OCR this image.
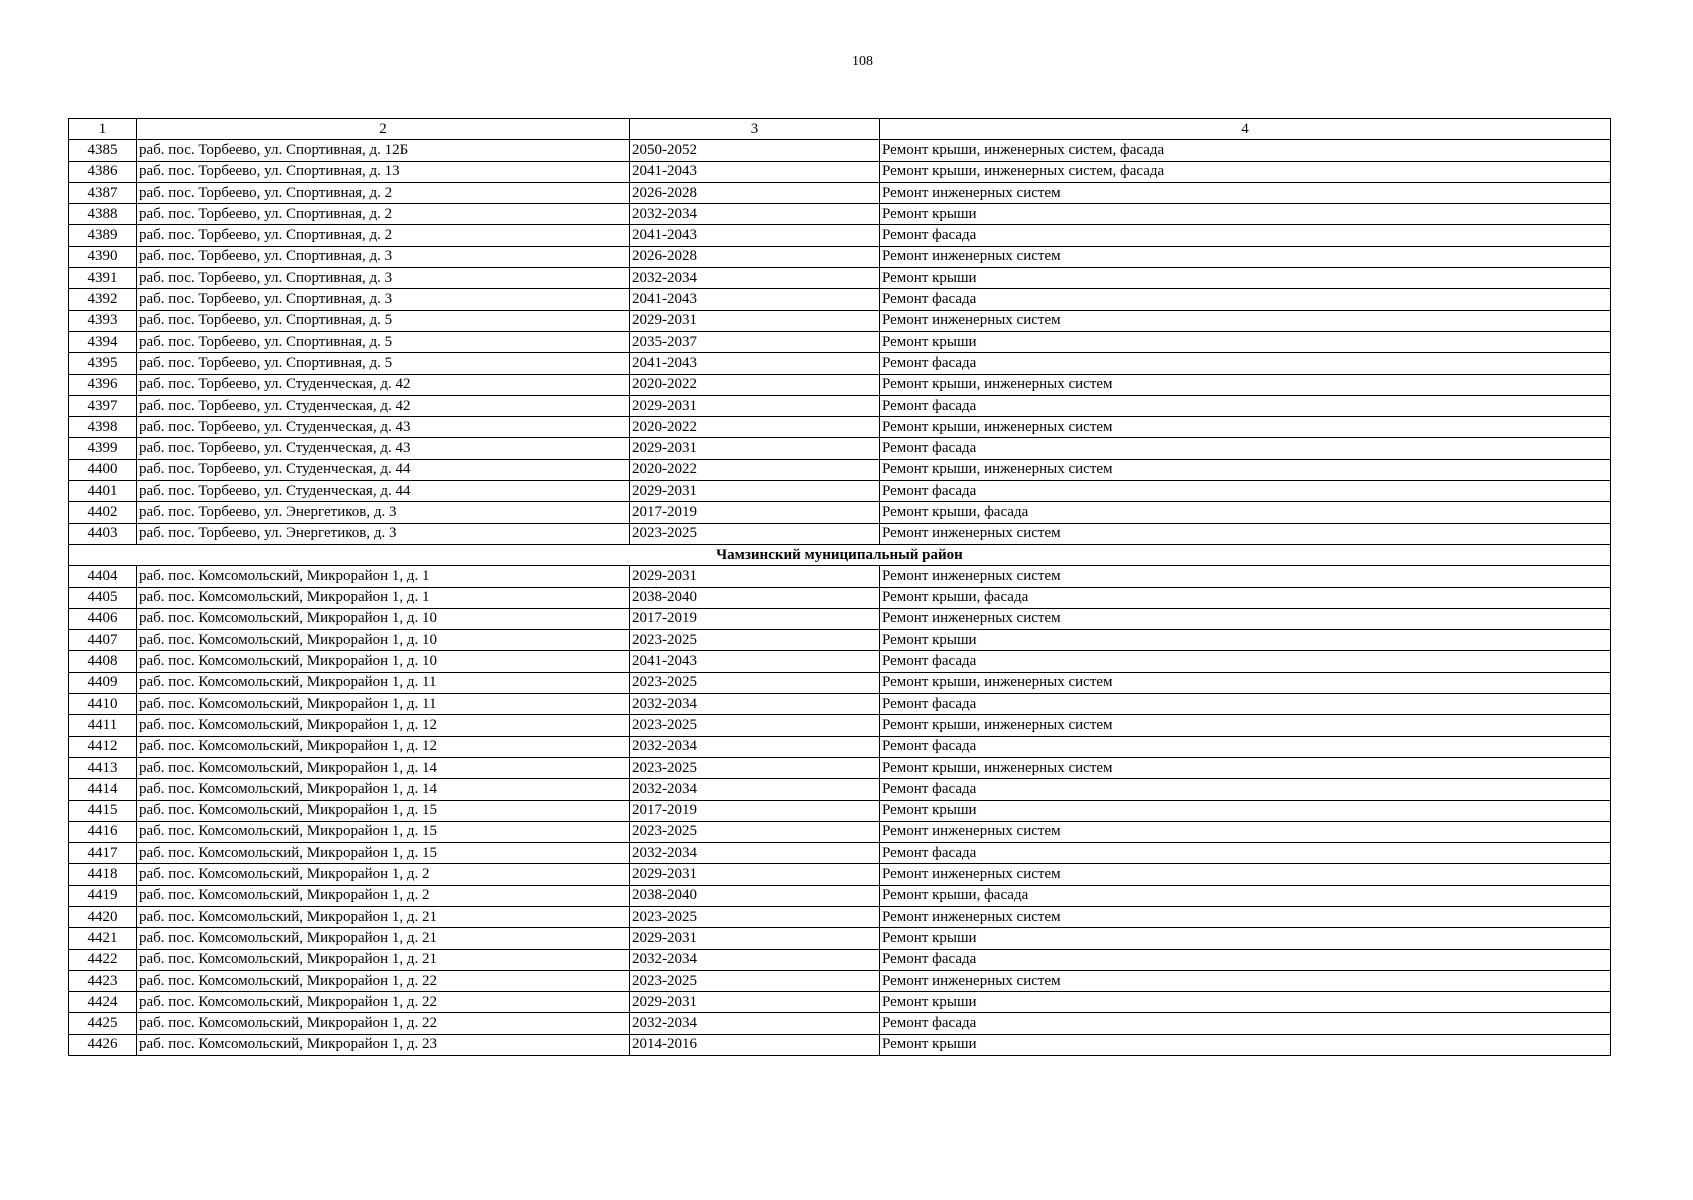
108
1	2	3	4
4385	раб. пос. Торбеево, ул. Спортивная, д. 12Б	2050-2052	Ремонт крыши, инженерных систем, фасада
4386	раб. пос. Торбеево, ул. Спортивная, д. 13	2041-2043	Ремонт крыши, инженерных систем, фасада
4387	раб. пос. Торбеево, ул. Спортивная, д. 2	2026-2028	Ремонт инженерных систем
4388	раб. пос. Торбеево, ул. Спортивная, д. 2	2032-2034	Ремонт крыши
4389	раб. пос. Торбеево, ул. Спортивная, д. 2	2041-2043	Ремонт фасада
4390	раб. пос. Торбеево, ул. Спортивная, д. 3	2026-2028	Ремонт инженерных систем
4391	раб. пос. Торбеево, ул. Спортивная, д. 3	2032-2034	Ремонт крыши
4392	раб. пос. Торбеево, ул. Спортивная, д. 3	2041-2043	Ремонт фасада
4393	раб. пос. Торбеево, ул. Спортивная, д. 5	2029-2031	Ремонт инженерных систем
4394	раб. пос. Торбеево, ул. Спортивная, д. 5	2035-2037	Ремонт крыши
4395	раб. пос. Торбеево, ул. Спортивная, д. 5	2041-2043	Ремонт фасада
4396	раб. пос. Торбеево, ул. Студенческая, д. 42	2020-2022	Ремонт крыши, инженерных систем
4397	раб. пос. Торбеево, ул. Студенческая, д. 42	2029-2031	Ремонт фасада
4398	раб. пос. Торбеево, ул. Студенческая, д. 43	2020-2022	Ремонт крыши, инженерных систем
4399	раб. пос. Торбеево, ул. Студенческая, д. 43	2029-2031	Ремонт фасада
4400	раб. пос. Торбеево, ул. Студенческая, д. 44	2020-2022	Ремонт крыши, инженерных систем
4401	раб. пос. Торбеево, ул. Студенческая, д. 44	2029-2031	Ремонт фасада
4402	раб. пос. Торбеево, ул. Энергетиков, д. 3	2017-2019	Ремонт крыши, фасада
4403	раб. пос. Торбеево, ул. Энергетиков, д. 3	2023-2025	Ремонт инженерных систем
Чамзинский муниципальный район			
4404	раб. пос. Комсомольский, Микрорайон 1, д. 1	2029-2031	Ремонт инженерных систем
4405	раб. пос. Комсомольский, Микрорайон 1, д. 1	2038-2040	Ремонт крыши, фасада
4406	раб. пос. Комсомольский, Микрорайон 1, д. 10	2017-2019	Ремонт инженерных систем
4407	раб. пос. Комсомольский, Микрорайон 1, д. 10	2023-2025	Ремонт крыши
4408	раб. пос. Комсомольский, Микрорайон 1, д. 10	2041-2043	Ремонт фасада
4409	раб. пос. Комсомольский, Микрорайон 1, д. 11	2023-2025	Ремонт крыши, инженерных систем
4410	раб. пос. Комсомольский, Микрорайон 1, д. 11	2032-2034	Ремонт фасада
4411	раб. пос. Комсомольский, Микрорайон 1, д. 12	2023-2025	Ремонт крыши, инженерных систем
4412	раб. пос. Комсомольский, Микрорайон 1, д. 12	2032-2034	Ремонт фасада
4413	раб. пос. Комсомольский, Микрорайон 1, д. 14	2023-2025	Ремонт крыши, инженерных систем
4414	раб. пос. Комсомольский, Микрорайон 1, д. 14	2032-2034	Ремонт фасада
4415	раб. пос. Комсомольский, Микрорайон 1, д. 15	2017-2019	Ремонт крыши
4416	раб. пос. Комсомольский, Микрорайон 1, д. 15	2023-2025	Ремонт инженерных систем
4417	раб. пос. Комсомольский, Микрорайон 1, д. 15	2032-2034	Ремонт фасада
4418	раб. пос. Комсомольский, Микрорайон 1, д. 2	2029-2031	Ремонт инженерных систем
4419	раб. пос. Комсомольский, Микрорайон 1, д. 2	2038-2040	Ремонт крыши, фасада
4420	раб. пос. Комсомольский, Микрорайон 1, д. 21	2023-2025	Ремонт инженерных систем
4421	раб. пос. Комсомольский, Микрорайон 1, д. 21	2029-2031	Ремонт крыши
4422	раб. пос. Комсомольский, Микрорайон 1, д. 21	2032-2034	Ремонт фасада
4423	раб. пос. Комсомольский, Микрорайон 1, д. 22	2023-2025	Ремонт инженерных систем
4424	раб. пос. Комсомольский, Микрорайон 1, д. 22	2029-2031	Ремонт крыши
4425	раб. пос. Комсомольский, Микрорайон 1, д. 22	2032-2034	Ремонт фасада
4426	раб. пос. Комсомольский, Микрорайон 1, д. 23	2014-2016	Ремонт крыши
